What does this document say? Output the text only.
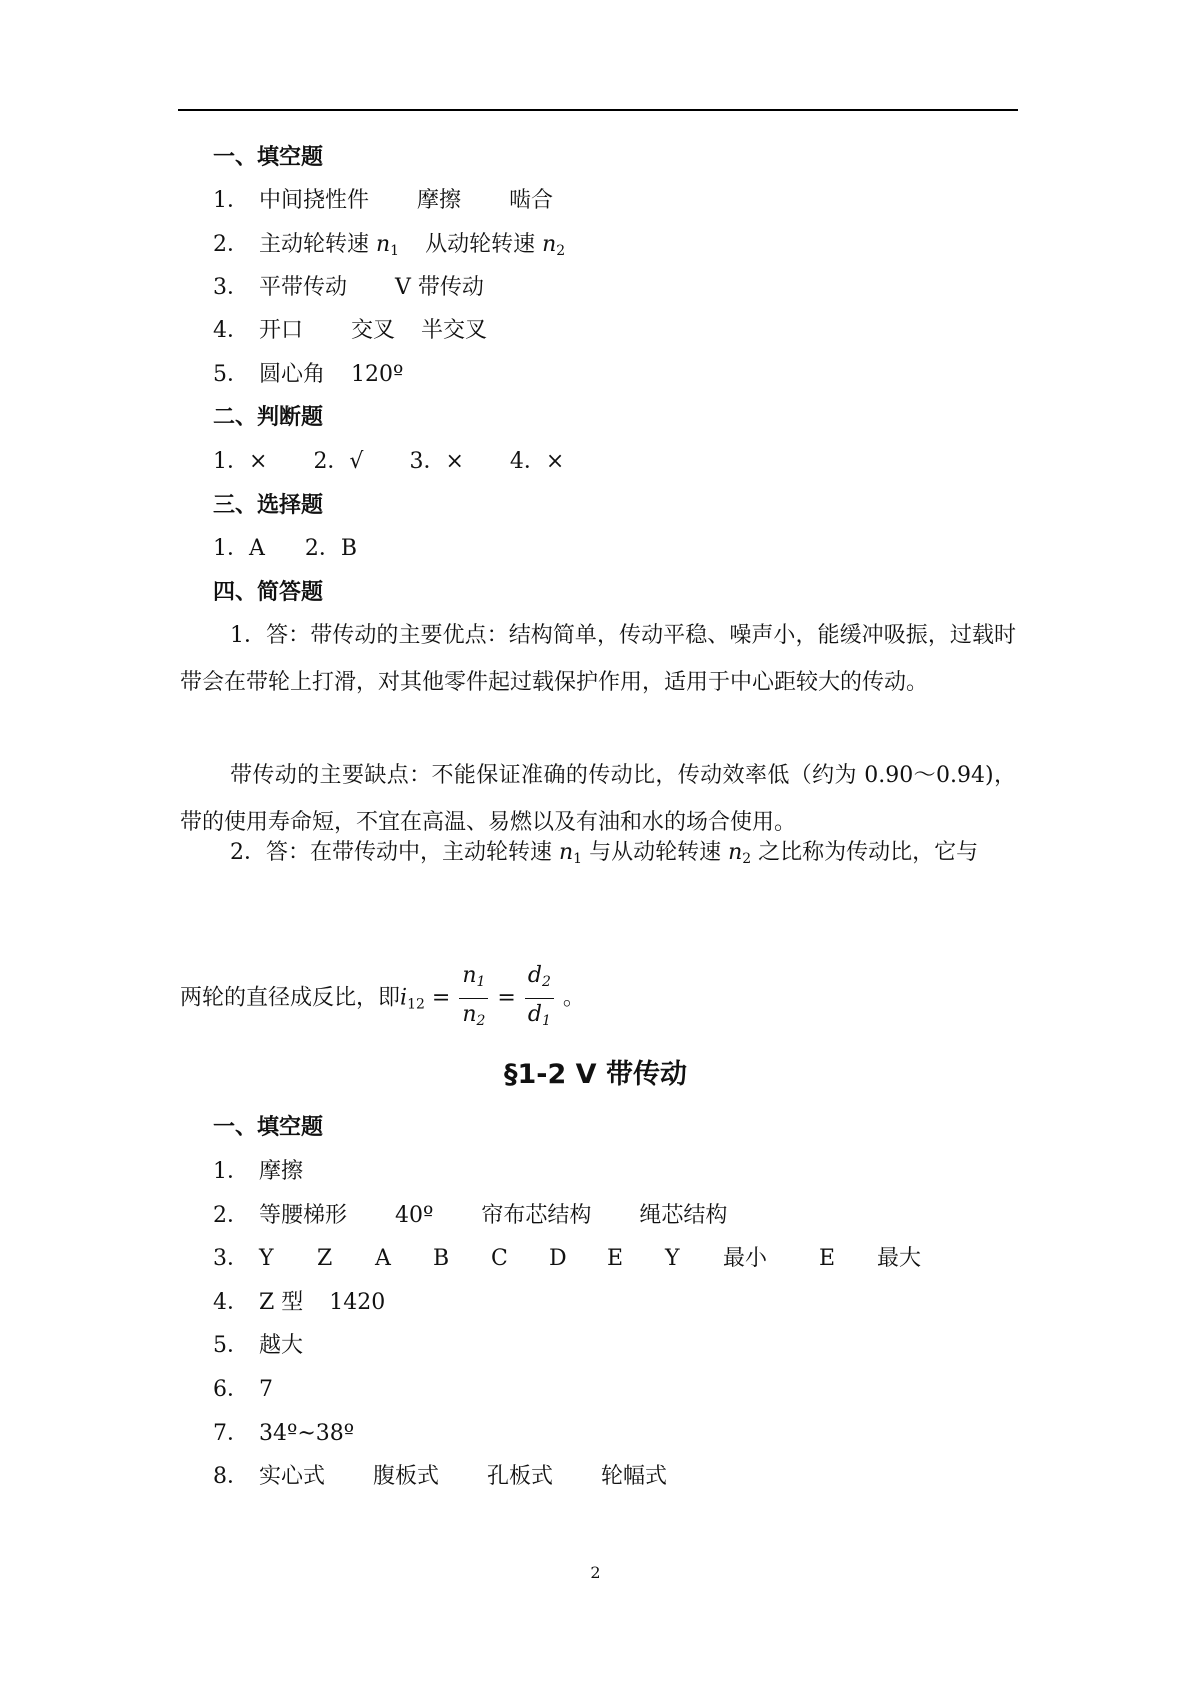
一、填空题
1． 中间挠性件 摩擦 啮合
2． 主动轮转速 $n_1$ 从动轮转速 $n_2$
3． 平带传动 V 带传动
4． 开口 交叉 半交叉
5． 圆心角 120º
二、判断题
1．× 2．√ 3．× 4．×
三、选择题
1．A 2．B
四、简答题
1．答：带传动的主要优点：结构简单，传动平稳、噪声小，能缓冲吸振，过载时带会在带轮上打滑，对其他零件起过载保护作用，适用于中心距较大的传动。
带传动的主要缺点：不能保证准确的传动比，传动效率低（约为 0.90～0.94)，带的使用寿命短，不宜在高温、易燃以及有油和水的场合使用。
2．答：在带传动中，主动轮转速 $n_1$ 与从动轮转速 $n_2$ 之比称为传动比，它与
两轮的直径成反比，即$i_{12} = \frac{n_1}{n_2} = \frac{d_2}{d_1}$ 。
§1-2 V 带传动
一、填空题
1． 摩擦
2． 等腰梯形 40º 帘布芯结构 绳芯结构
3． Y Z A B C D E Y 最小 E 最大
4． Z 型 1420
5． 越大
6． 7
7． 34º~38º
8． 实心式 腹板式 孔板式 轮幅式
2
